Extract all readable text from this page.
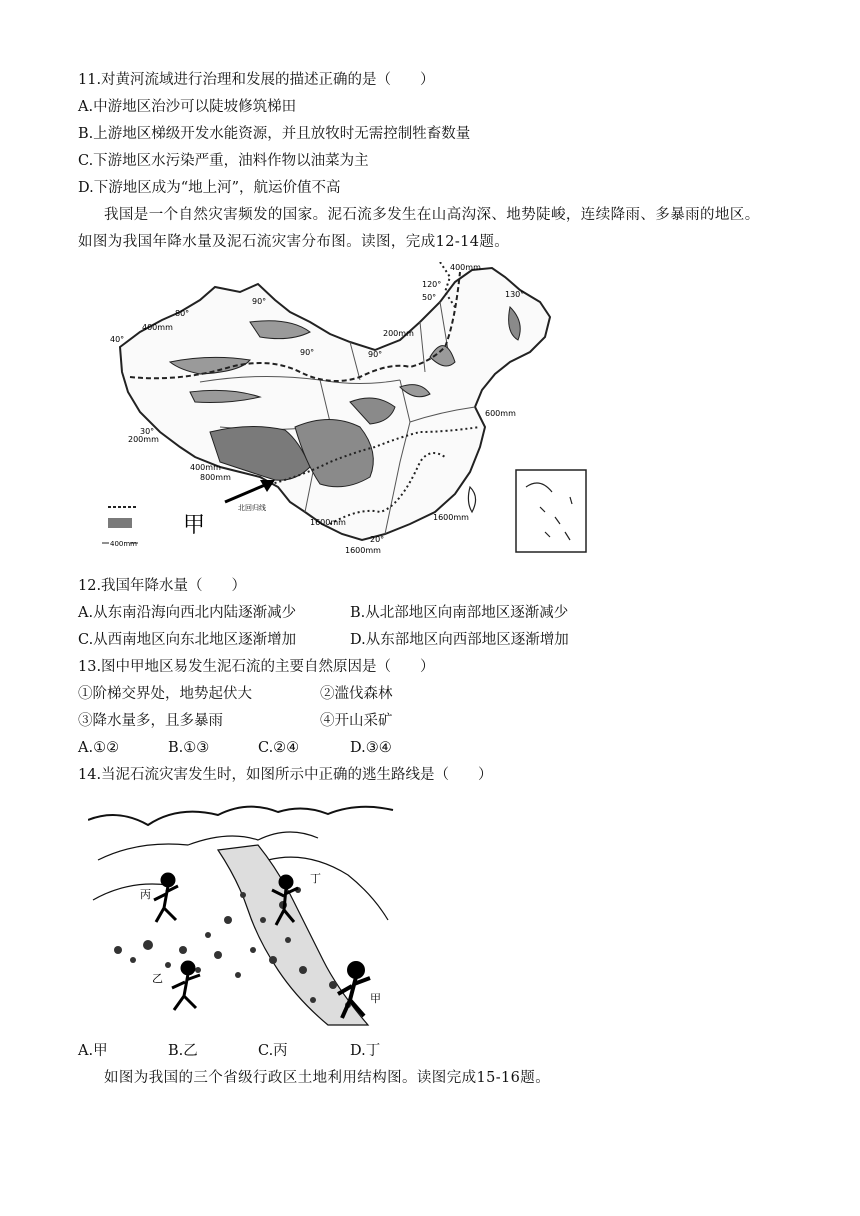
11.对黄河流域进行治理和发展的描述正确的是（　　）
A.中游地区治沙可以陡坡修筑梯田
B.上游地区梯级开发水能资源，并且放牧时无需控制牲畜数量
C.下游地区水污染严重，油料作物以油菜为主
D.下游地区成为“地上河”，航运价值不高
我国是一个自然灾害频发的国家。泥石流多发生在山高沟深、地势陡峻，连续降雨、多暴雨的地区。
如图为我国年降水量及泥石流灾害分布图。读图，完成12-14题。
北回归线
400mm
400mm
200mm
200mm
600mm
400mm
800mm
1600mm
1600mm
1600mm
90°
80°
90°	90°
120°
50°	130°
40°
30°
20°
甲
400mm
12.我国年降水量（　　）
A.从东南沿海向西北内陆逐渐减少	B.从北部地区向南部地区逐渐减少
C.从西南地区向东北地区逐渐增加	D.从东部地区向西部地区逐渐增加
13.图中甲地区易发生泥石流的主要自然原因是（　　）
①阶梯交界处，地势起伏大	②滥伐森林
③降水量多，且多暴雨	④开山采矿
A.①②	B.①③	C.②④	D.③④
14.当泥石流灾害发生时，如图所示中正确的逃生路线是（　　）
丙
丁
乙
甲
A.甲	B.乙	C.丙	D.丁
如图为我国的三个省级行政区土地利用结构图。读图完成15-16题。
